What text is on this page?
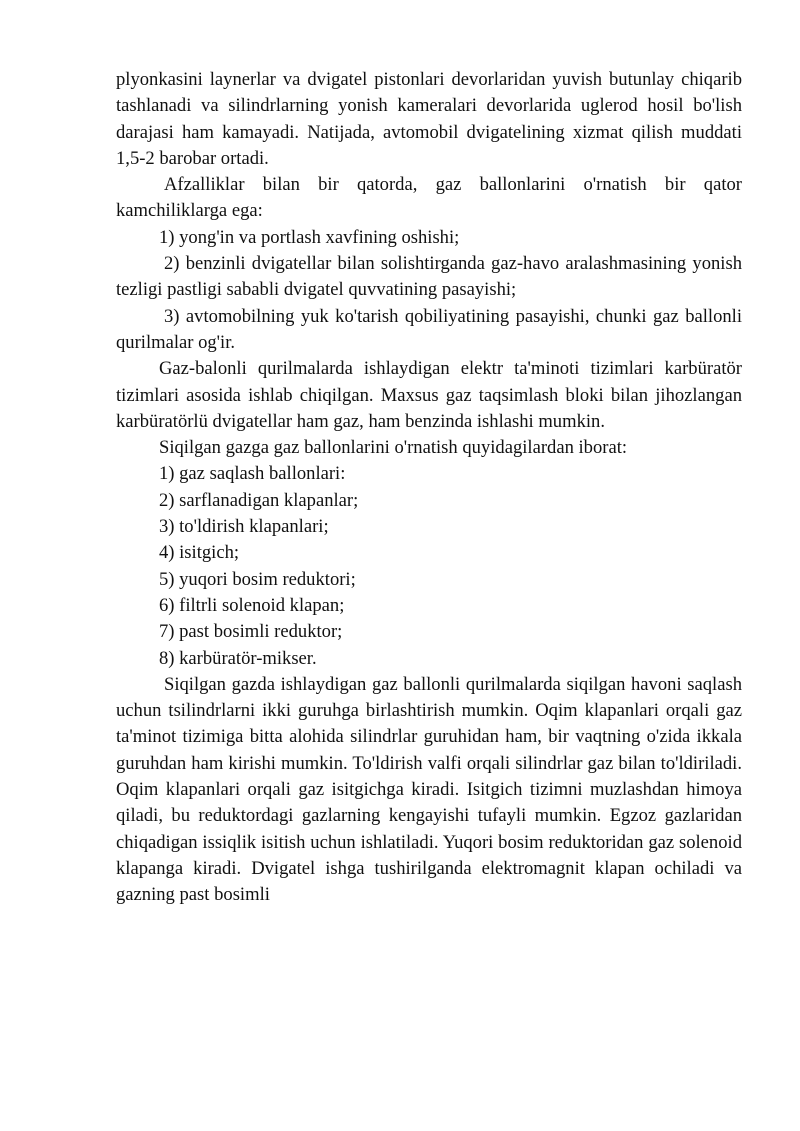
plyonkasini laynerlar va dvigatel pistonlari devorlaridan yuvish butunlay chiqarib tashlanadi va silindrlarning yonish kameralari devorlarida uglerod hosil bo'lish darajasi ham kamayadi. Natijada, avtomobil dvigatelining xizmat qilish muddati 1,5-2 barobar ortadi.

Afzalliklar bilan bir qatorda, gaz ballonlarini o'rnatish bir qator kamchiliklarga ega:

1) yong'in va portlash xavfining oshishi;

2) benzinli dvigatellar bilan solishtirganda gaz-havo aralashmasining yonish tezligi pastligi sababli dvigatel quvvatining pasayishi;

3) avtomobilning yuk ko'tarish qobiliyatining pasayishi, chunki gaz ballonli qurilmalar og'ir.

Gaz-balonli qurilmalarda ishlaydigan elektr ta'minoti tizimlari karbüratör tizimlari asosida ishlab chiqilgan. Maxsus gaz taqsimlash bloki bilan jihozlangan karbüratörlü dvigatellar ham gaz, ham benzinda ishlashi mumkin.

Siqilgan gazga gaz ballonlarini o'rnatish quyidagilardan iborat:

1) gaz saqlash ballonlari:

2) sarflanadigan klapanlar;

3) to'ldirish klapanlari;

4) isitgich;

5) yuqori bosim reduktori;

6) filtrli solenoid klapan;

7) past bosimli reduktor;

8) karbüratör-mikser.

Siqilgan gazda ishlaydigan gaz ballonli qurilmalarda siqilgan havoni saqlash uchun tsilindrlarni ikki guruhga birlashtirish mumkin. Oqim klapanlari orqali gaz ta'minot tizimiga bitta alohida silindrlar guruhidan ham, bir vaqtning o'zida ikkala guruhdan ham kirishi mumkin. To'ldirish valfi orqali silindrlar gaz bilan to'ldiriladi. Oqim klapanlari orqali gaz isitgichga kiradi. Isitgich tizimni muzlashdan himoya qiladi, bu reduktordagi gazlarning kengayishi tufayli mumkin. Egzoz gazlaridan chiqadigan issiqlik isitish uchun ishlatiladi. Yuqori bosim reduktoridan gaz solenoid klapanga kiradi. Dvigatel ishga tushirilganda elektromagnit klapan ochiladi va gazning past bosimli
